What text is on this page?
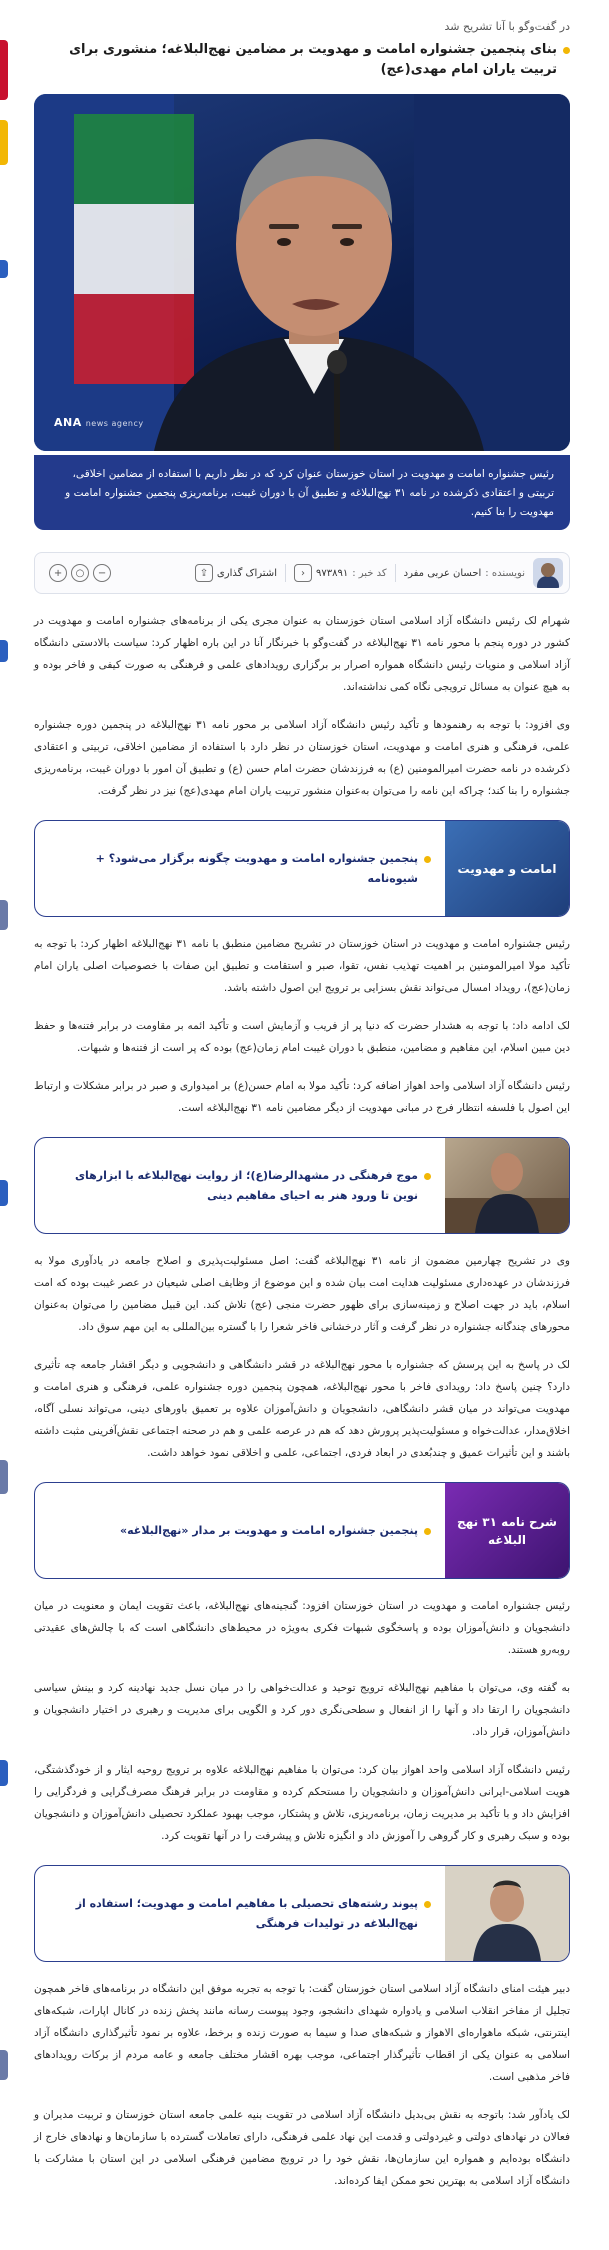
در گفت‌وگو با آنا تشریح شد
بنای پنجمین جشنواره امامت و مهدویت بر مضامین نهج‌البلاغه؛ منشوری برای تربیت یاران امام مهدی(عج)
ANA news agency
رئیس جشنواره امامت و مهدویت در استان خوزستان عنوان کرد که در نظر داریم با استفاده از مضامین اخلاقی، تربیتی و اعتقادی ذکرشده در نامه ۳۱ نهج‌البلاغه و تطبیق آن با دوران غیبت، برنامه‌ریزی پنجمین جشنواره امامت و مهدویت را بنا کنیم.
نویسنده :
احسان عربی مفرد
کد خبر :
۹۷۳۸۹۱
‹
اشتراک گذاری
⇪
−
○
+

شهرام لک رئیس دانشگاه آزاد اسلامی استان خوزستان به عنوان مجری یکی از برنامه‌های جشنواره امامت و مهدویت در کشور در دوره پنجم با محور نامه ۳۱ نهج‌البلاغه در گفت‌وگو با خبرنگار آنا در این باره اظهار کرد: سیاست بالادستی دانشگاه آزاد اسلامی و منویات رئیس دانشگاه همواره اصرار بر برگزاری رویدادهای علمی و فرهنگی به صورت کیفی و فاخر بوده و به هیچ عنوان به مسائل ترویجی نگاه کمی نداشته‌اند.

وی افزود: با توجه به رهنمودها و تأکید رئیس دانشگاه آزاد اسلامی بر محور نامه ۳۱ نهج‌البلاغه در پنجمین دوره جشنواره علمی، فرهنگی و هنری امامت و مهدویت، استان خوزستان در نظر دارد با استفاده از مضامین اخلاقی، تربیتی و اعتقادی ذکرشده در نامه حضرت امیرالمومنین (ع) به فرزندشان حضرت امام حسن (ع) و تطبیق آن امور با دوران غیبت، برنامه‌ریزی جشنواره را بنا کند؛ چراکه این نامه را می‌توان به‌عنوان منشور تربیت یاران امام مهدی(عج) نیز در نظر گرفت.

امامت و مهدویت
پنجمین جشنواره امامت و مهدویت چگونه برگزار می‌شود؟ + شیوه‌نامه

رئیس جشنواره امامت و مهدویت در استان خوزستان در تشریح مضامین منطبق با نامه ۳۱ نهج‌البلاغه اظهار کرد: با توجه به تأکید مولا امیرالمومنین بر اهمیت تهذیب نفس، تقوا، صبر و استقامت و تطبیق این صفات با خصوصیات اصلی یاران امام زمان(عج)، رویداد امسال می‌تواند نقش بسزایی بر ترویج این اصول داشته باشد.

لک ادامه داد: با توجه به هشدار حضرت که دنیا پر از فریب و آزمایش است و تأکید ائمه بر مقاومت در برابر فتنه‌ها و حفظ دین مبین اسلام، این مفاهیم و مضامین، منطبق با دوران غیبت امام زمان(عج) بوده که پر است از فتنه‌ها و شبهات.

رئیس دانشگاه آزاد اسلامی واحد اهواز اضافه کرد: تأکید مولا به امام حسن(ع) بر امیدواری و صبر در برابر مشکلات و ارتباط این اصول با فلسفه انتظار فرج در مبانی مهدویت از دیگر مضامین نامه ۳۱ نهج‌البلاغه است.

موج فرهنگی در مشهدالرضا(ع)؛ از روایت نهج‌البلاغه با ابزارهای نوین تا ورود هنر به احیای مفاهیم دینی

وی در تشریح چهارمین مضمون از نامه ۳۱ نهج‌البلاغه گفت: اصل مسئولیت‌پذیری و اصلاح جامعه در یادآوری مولا به فرزندشان در عهده‌داری مسئولیت هدایت امت بیان شده و این موضوع از وظایف اصلی شیعیان در عصر غیبت بوده که امت اسلام، باید در جهت اصلاح و زمینه‌سازی برای ظهور حضرت منجی (عج) تلاش کند. این قبیل مضامین را می‌توان به‌عنوان محورهای چندگانه جشنواره در نظر گرفت و آثار درخشانی فاخر شعرا را با گستره بین‌المللی به این مهم سوق داد.

لک در پاسخ به این پرسش که جشنواره با محور نهج‌البلاغه در قشر دانشگاهی و دانشجویی و دیگر اقشار جامعه چه تأثیری دارد؟ چنین پاسخ داد: رویدادی فاخر با محور نهج‌البلاغه، همچون پنجمین دوره جشنواره علمی، فرهنگی و هنری امامت و مهدویت می‌تواند در میان قشر دانشگاهی، دانشجویان و دانش‌آموزان علاوه بر تعمیق باورهای دینی، می‌تواند نسلی آگاه، اخلاق‌مدار، عدالت‌خواه و مسئولیت‌پذیر پرورش دهد که هم در عرصه علمی و هم در صحنه اجتماعی نقش‌آفرینی مثبت داشته باشند و این تأثیرات عمیق و چندبُعدی در ابعاد فردی، اجتماعی، علمی و اخلاقی نمود خواهد داشت.

شرح نامه ۳۱ نهج البلاغه
پنجمین جشنواره امامت و مهدویت بر مدار «نهج‌البلاغه»

رئیس جشنواره امامت و مهدویت در استان خوزستان افزود: گنجینه‌های نهج‌البلاغه، باعث تقویت ایمان و معنویت در میان دانشجویان و دانش‌آموزان بوده و پاسخگوی شبهات فکری به‌ویژه در محیط‌های دانشگاهی است که با چالش‌های عقیدتی روبه‌رو هستند.

به گفته وی، می‌توان با مفاهیم نهج‌البلاغه ترویج توحید و عدالت‌خواهی را در میان نسل جدید نهادینه کرد و بینش سیاسی دانشجویان را ارتقا داد و آنها را از انفعال و سطحی‌نگری دور کرد و الگویی برای مدیریت و رهبری در اختیار دانشجویان و دانش‌آموزان، قرار داد.

رئیس دانشگاه آزاد اسلامی واحد اهواز بیان کرد: می‌توان با مفاهیم نهج‌البلاغه علاوه بر ترویج روحیه ایثار و از خودگذشتگی، هویت اسلامی-ایرانی دانش‌آموزان و دانشجویان را مستحکم کرده و مقاومت در برابر فرهنگ مصرف‌گرایی و فردگرایی را افزایش داد و با تأکید بر مدیریت زمان، برنامه‌ریزی، تلاش و پشتکار، موجب بهبود عملکرد تحصیلی دانش‌آموزان و دانشجویان بوده و سبک رهبری و کار گروهی را آموزش داد و انگیزه تلاش و پیشرفت را در آنها تقویت کرد.

پیوند رشته‌های تحصیلی با مفاهیم امامت و مهدویت؛ استفاده از نهج‌البلاغه در تولیدات فرهنگی

دبیر هیئت امنای دانشگاه آزاد اسلامی استان خوزستان گفت: با توجه به تجربه موفق این دانشگاه در برنامه‌های فاخر همچون تجلیل از مفاخر انقلاب اسلامی و یادواره شهدای دانشجو، وجود پیوست رسانه مانند پخش زنده در کانال اپارات، شبکه‌های اینترنتی، شبکه ماهواره‌ای الاهواز و شبکه‌های صدا و سیما به صورت زنده و برخط، علاوه بر نمود تأثیرگذاری دانشگاه آزاد اسلامی به عنوان یکی از اقطاب تأثیرگذار اجتماعی، موجب بهره اقشار مختلف جامعه و عامه مردم از برکات رویدادهای فاخر مذهبی است.

لک یادآور شد: باتوجه به نقش بی‌بدیل دانشگاه آزاد اسلامی در تقویت بنیه علمی جامعه استان خوزستان و تربیت مدیران و فعالان در نهادهای دولتی و غیردولتی و قدمت این نهاد علمی فرهنگی، دارای تعاملات گسترده با سازمان‌ها و نهادهای خارج از دانشگاه بوده‌ایم و همواره این سازمان‌ها، نقش خود را در ترویج مضامین فرهنگی اسلامی در این استان با مشارکت با دانشگاه آزاد اسلامی به بهترین نحو ممکن ایفا کرده‌اند.
